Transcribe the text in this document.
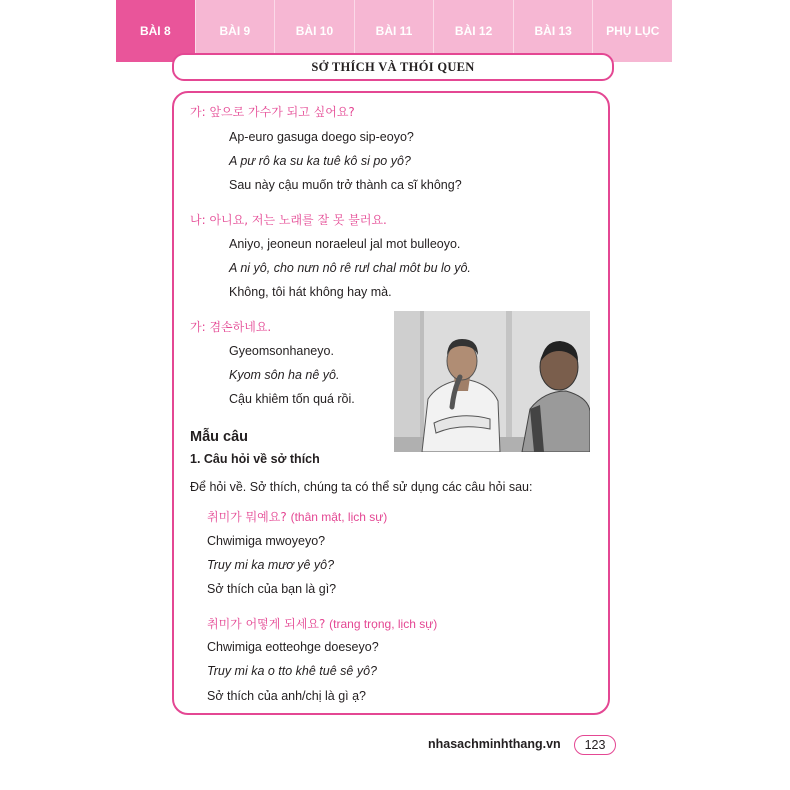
BÀI 8	BÀI 9	BÀI 10	BÀI 11	BÀI 12	BÀI 13	PHỤ LỤC
SỞ THÍCH VÀ THÓI QUEN
가: 앞으로 가수가 되고 싶어요?
Ap-euro gasuga doego sip-eoyo?
A pư rô ka su ka tuê kô si po yô?
Sau này cậu muốn trở thành ca sĩ không?
나: 아니요, 저는 노래를 잘 못 불러요.
Aniyo, jeoneun noraeleul jal mot bulleoyo.
A ni yô, cho nưn nô rê rưl chal môt bu lo yô.
Không, tôi hát không hay mà.
가: 겸손하네요.
Gyeomsonhaneyo.
Kyom sôn ha nê yô.
Cậu khiêm tốn quá rồi.
Mẫu câu
1. Câu hỏi về sở thích
Để hỏi về. Sở thích, chúng ta có thể sử dụng các câu hỏi sau:
취미가 뭐예요? (thân mật, lịch sự)
Chwimiga mwoyeyo?
Truy mi ka mươ yê yô?
Sở thích của bạn là gì?
취미가 어떻게 되세요? (trang trọng, lịch sự)
Chwimiga eotteohge doeseyo?
Truy mi ka o tto khê tuê sê yô?
Sở thích của anh/chị là gì ạ?
nhasachminhthang.vn	123
